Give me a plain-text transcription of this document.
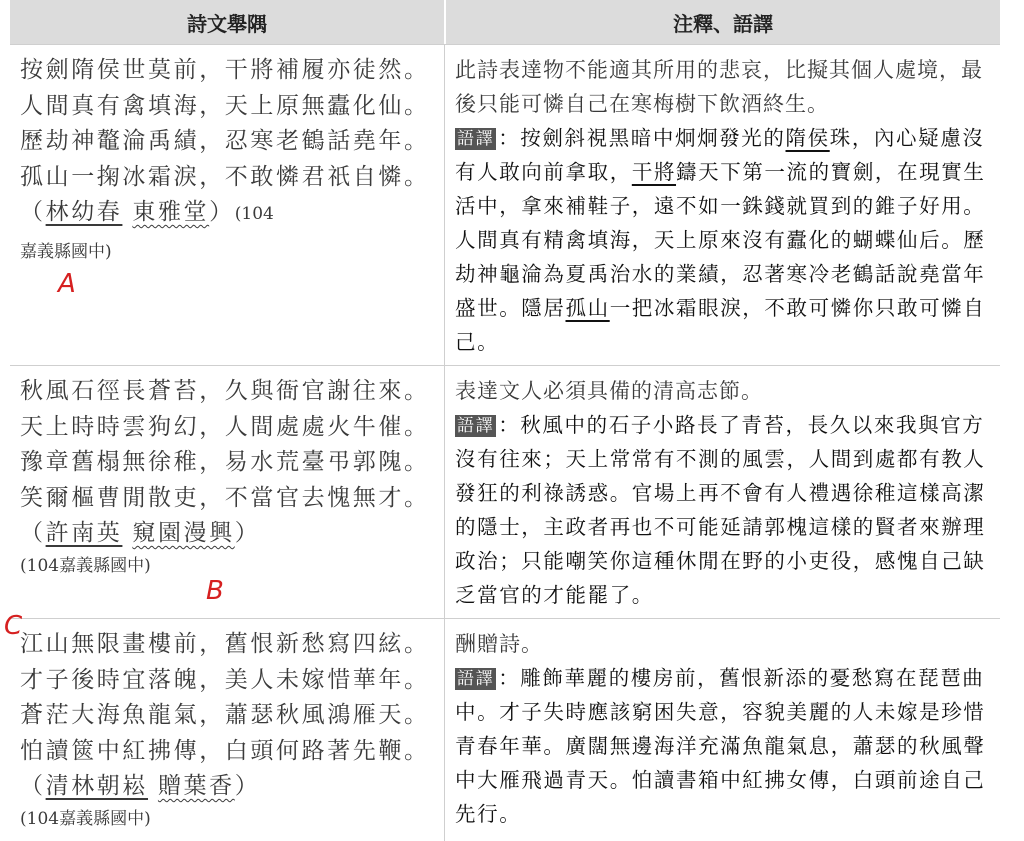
詩文舉隅	注釋、語譯
按劍隋侯世莫前，干將補履亦徒然。人間真有禽填海，天上原無蠹化仙。歷劫神鼇淪禹績，忍寒老鶴話堯年。孤山一掬冰霜淚，不敢憐君祇自憐。（林幼春 東雅堂）(104
嘉義縣國中)
A
此詩表達物不能適其所用的悲哀，比擬其個人處境，最後只能可憐自己在寒梅樹下飲酒終生。
語譯 ：按劍斜視黑暗中炯炯發光的隋侯珠，內心疑慮沒有人敢向前拿取，干將鑄天下第一流的寶劍，在現實生活中，拿來補鞋子，遠不如一銖錢就買到的錐子好用。人間真有精禽填海，天上原來沒有蠹化的蝴蝶仙后。歷劫神龜淪為夏禹治水的業績，忍著寒冷老鶴話說堯當年盛世。隱居孤山一把冰霜眼淚，不敢可憐你只敢可憐自己。
秋風石徑長蒼苔，久與衙官謝往來。天上時時雲狗幻，人間處處火牛催。豫章舊榻無徐稚，易水荒臺弔郭隗。笑爾樞曹閒散吏，不當官去愧無才。（許南英 窺園漫興）
(104嘉義縣國中)
B
表達文人必須具備的清高志節。
語譯 ：秋風中的石子小路長了青苔，長久以來我與官方沒有往來；天上常常有不測的風雲，人間到處都有教人發狂的利祿誘惑。官場上再不會有人禮遇徐稚這樣高潔的隱士，主政者再也不可能延請郭槐這樣的賢者來辦理政治；只能嘲笑你這種休閒在野的小吏役，感愧自己缺乏當官的才能罷了。
江山無限畫樓前，舊恨新愁寫四絃。才子後時宜落魄，美人未嫁惜華年。蒼茫大海魚龍氣，蕭瑟秋風鴻雁天。怕讀篋中紅拂傳，白頭何路著先鞭。（清林朝崧 贈葉香）
(104嘉義縣國中)
C
酬贈詩。
語譯 ：雕飾華麗的樓房前，舊恨新添的憂愁寫在琵琶曲中。才子失時應該窮困失意，容貌美麗的人未嫁是珍惜青春年華。廣闊無邊海洋充滿魚龍氣息，蕭瑟的秋風聲中大雁飛過青天。怕讀書箱中紅拂女傳，白頭前途自己先行。
